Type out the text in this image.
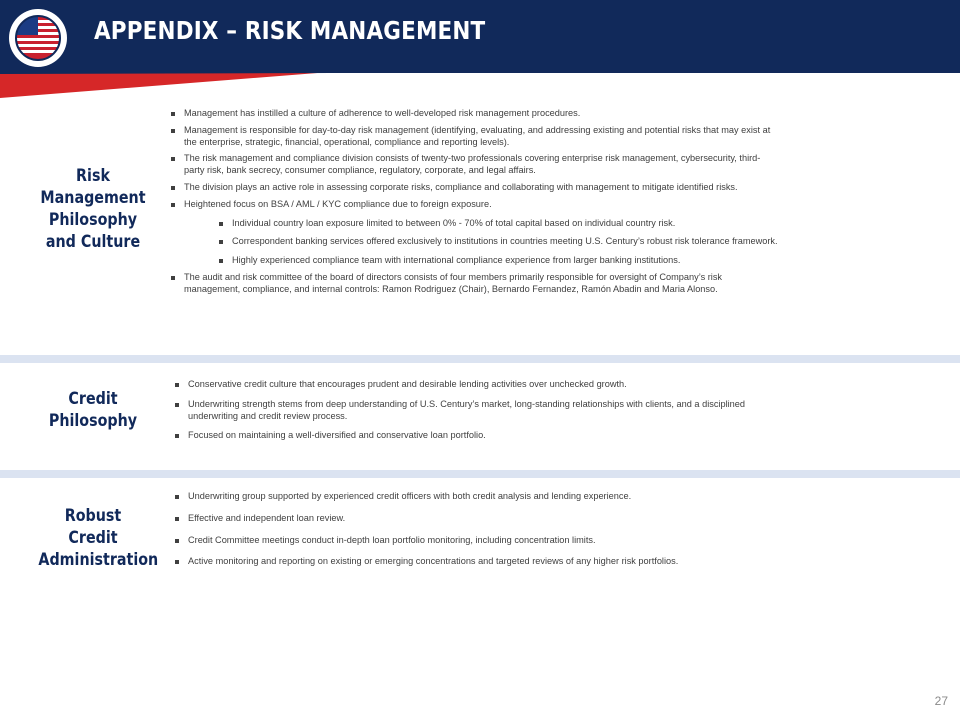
APPENDIX – RISK MANAGEMENT
Risk
Management
Philosophy
and Culture
Management has instilled a culture of adherence to well-developed risk management procedures.
Management is responsible for day-to-day risk management (identifying, evaluating, and addressing existing and potential risks that may exist at
the enterprise, strategic, financial, operational, compliance and reporting levels).
The risk management and compliance division consists of twenty-two professionals covering enterprise risk management, cybersecurity, third-
party risk, bank secrecy, consumer compliance, regulatory, corporate, and legal affairs.
The division plays an active role in assessing corporate risks, compliance and collaborating with management to mitigate identified risks.
Heightened focus on BSA / AML / KYC compliance due to foreign exposure.
Individual country loan exposure limited to between 0% - 70% of total capital based on individual country risk.
Correspondent banking services offered exclusively to institutions in countries meeting U.S. Century’s robust risk tolerance framework.
Highly experienced compliance team with international compliance experience from larger banking institutions.
The audit and risk committee of the board of directors consists of four members primarily responsible for oversight of Company’s risk
management, compliance, and internal controls: Ramon Rodriguez (Chair), Bernardo Fernandez, Ramón Abadin and Maria Alonso.
Credit
Philosophy
Conservative credit culture that encourages prudent and desirable lending activities over unchecked growth.
Underwriting strength stems from deep understanding of U.S. Century’s market, long-standing relationships with clients, and a disciplined
underwriting and credit review process.
Focused on maintaining a well-diversified and conservative loan portfolio.
Robust Credit
Administration
Underwriting group supported by experienced credit officers with both credit analysis and lending experience.
Effective and independent loan review.
Credit Committee meetings conduct in-depth loan portfolio monitoring, including concentration limits.
Active monitoring and reporting on existing or emerging concentrations and targeted reviews of any higher risk portfolios.
27
